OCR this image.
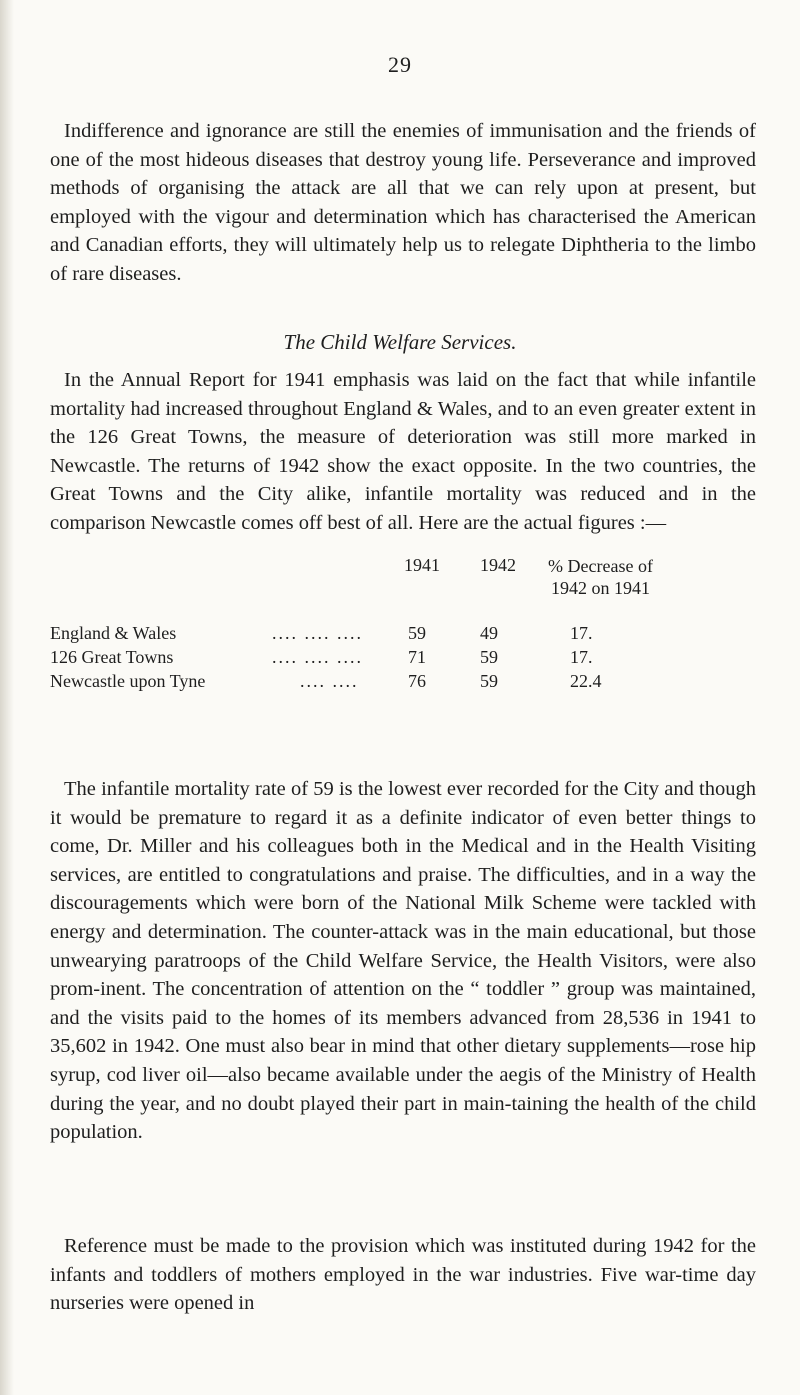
29

Indifference and ignorance are still the enemies of immunisation and the friends of one of the most hideous diseases that destroy young life. Perseverance and improved methods of organising the attack are all that we can rely upon at present, but employed with the vigour and determination which has characterised the American and Canadian efforts, they will ultimately help us to relegate Diphtheria to the limbo of rare diseases.

The Child Welfare Services.

In the Annual Report for 1941 emphasis was laid on the fact that while infantile mortality had increased throughout England & Wales, and to an even greater extent in the 126 Great Towns, the measure of deterioration was still more marked in Newcastle. The returns of 1942 show the exact opposite. In the two countries, the Great Towns and the City alike, infantile mortality was reduced and in the comparison Newcastle comes off best of all. Here are the actual figures :—

1941 1942 % Decrease of
1942 on 1941
England & Wales	.... .... ....	59	49	17.
126 Great Towns	.... .... ....	71	59	17.
Newcastle upon Tyne	.... ....	76	59	22.4

The infantile mortality rate of 59 is the lowest ever recorded for the City and though it would be premature to regard it as a definite indicator of even better things to come, Dr. Miller and his colleagues both in the Medical and in the Health Visiting services, are entitled to congratulations and praise. The difficulties, and in a way the discouragements which were born of the National Milk Scheme were tackled with energy and determination. The counter-attack was in the main educational, but those unwearying paratroops of the Child Welfare Service, the Health Visitors, were also prom-inent. The concentration of attention on the “ toddler ” group was maintained, and the visits paid to the homes of its members advanced from 28,536 in 1941 to 35,602 in 1942. One must also bear in mind that other dietary supplements—rose hip syrup, cod liver oil—also became available under the aegis of the Ministry of Health during the year, and no doubt played their part in main-taining the health of the child population.

Reference must be made to the provision which was instituted during 1942 for the infants and toddlers of mothers employed in the war industries. Five war-time day nurseries were opened in
